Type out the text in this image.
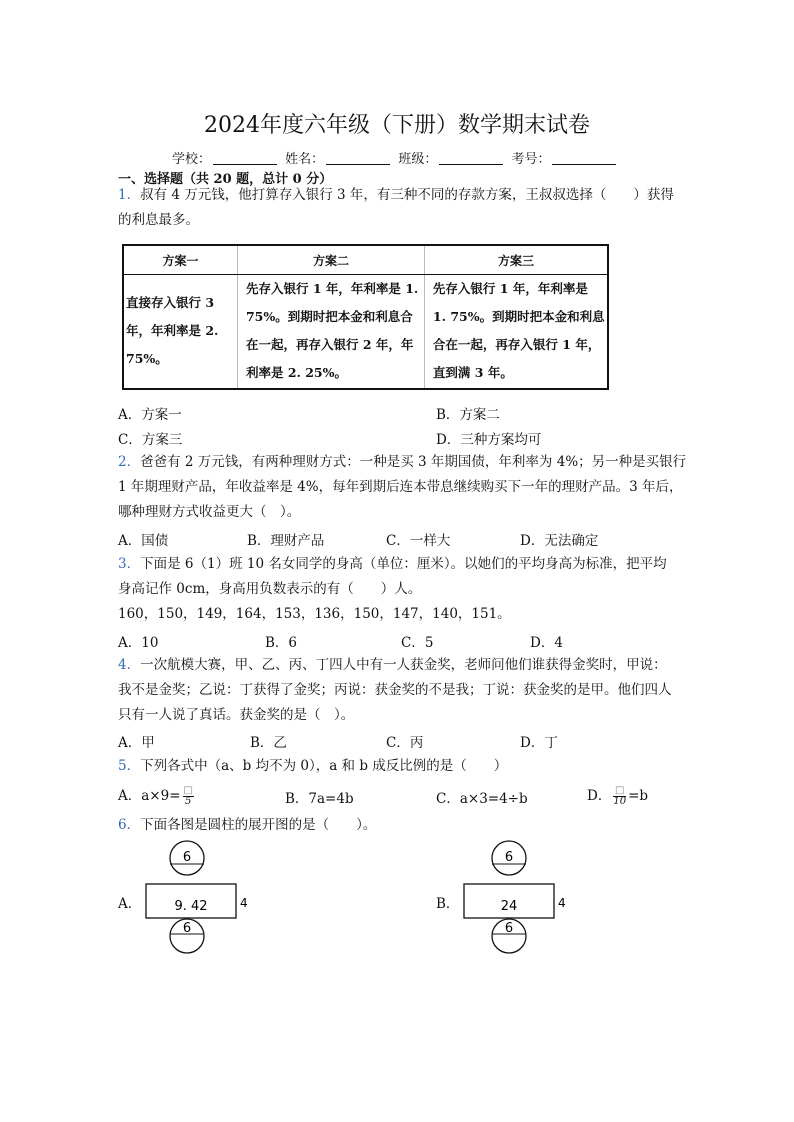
2024年度六年级（下册）数学期末试卷
学校：	姓名：	班级：	考号：
一、选择题（共 20 题，总计 0 分）
1．叔有 4 万元钱，他打算存入银行 3 年，有三种不同的存款方案，王叔叔选择（　　）获得
的利息最多。
方案一	方案二	方案三
直接存入银行 3 年，年利率是 2. 75%。	先存入银行 1 年，年利率是 1. 75%。到期时把本金和利息合在一起，再存入银行 2 年，年利率是 2. 25%。	先存入银行 1 年，年利率是 1. 75%。到期时把本金和利息合在一起，再存入银行 1 年，直到满 3 年。
A．方案一	B．方案二
C．方案三	D．三种方案均可
2．爸爸有 2 万元钱，有两种理财方式：一种是买 3 年期国债，年利率为 4%；另一种是买银行
1 年期理财产品，年收益率是 4%，每年到期后连本带息继续购买下一年的理财产品。3 年后，
哪种理财方式收益更大（　）。
A．国债	B．理财产品	C．一样大	D．无法确定
3．下面是 6（1）班 10 名女同学的身高（单位：厘米）。以她们的平均身高为标准，把平均
身高记作 0cm，身高用负数表示的有（　　）人。
160，150，149，164，153，136，150，147，140，151。
A．10	B．6	C．5	D．4
4．一次航模大赛，甲、乙、丙、丁四人中有一人获金奖，老师问他们谁获得金奖时，甲说：
我不是金奖；乙说：丁获得了金奖；丙说：获金奖的不是我；丁说：获金奖的是甲。他们四人
只有一人说了真话。获金奖的是（　）。
A．甲	B．乙	C．丙	D．丁
5．下列各式中（a、b 均不为 0），a 和 b 成反比例的是（　　）
A．$a\times 9= \frac{□}{5}$	B．7a=4b	C．a×3=4÷b	D． $\frac{□}{10} =b$
6．下面各图是圆柱的展开图的是（　　）。
A．
6
9. 42	4
6
B．
6
24	4
6
